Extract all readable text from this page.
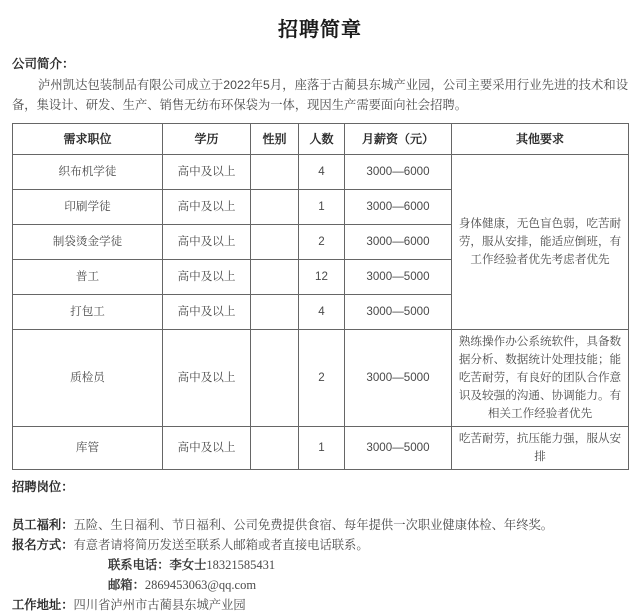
招聘简章
公司简介：
泸州凯达包装制品有限公司成立于2022年5月，座落于古蔺县东城产业园，公司主要采用行业先进的技术和设备，集设计、研发、生产、销售无纺布环保袋为一体，现因生产需要面向社会招聘。
需求职位	学历	性别	人数	月薪资（元）	其他要求
织布机学徒	高中及以上		4	3000—6000	身体健康，无色盲色弱，吃苦耐劳，服从安排，能适应倒班，有工作经验者优先考虑者优先
印刷学徒	高中及以上		1	3000—6000	
制袋烫金学徒	高中及以上		2	3000—6000	
普工	高中及以上		12	3000—5000	
打包工	高中及以上		4	3000—5000	
质检员	高中及以上		2	3000—5000	熟练操作办公系统软件，具备数据分析、数据统计处理技能；能吃苦耐劳，有良好的团队合作意识及较强的沟通、协调能力。有相关工作经验者优先
库管	高中及以上		1	3000—5000	吃苦耐劳，抗压能力强，服从安排
招聘岗位：
员工福利：五险、生日福利、节日福利、公司免费提供食宿、每年提供一次职业健康体检、年终奖。
报名方式：有意者请将简历发送至联系人邮箱或者直接电话联系。
联系电话：李女士18321585431
邮箱：2869453063@qq.com
工作地址：四川省泸州市古蔺县东城产业园
